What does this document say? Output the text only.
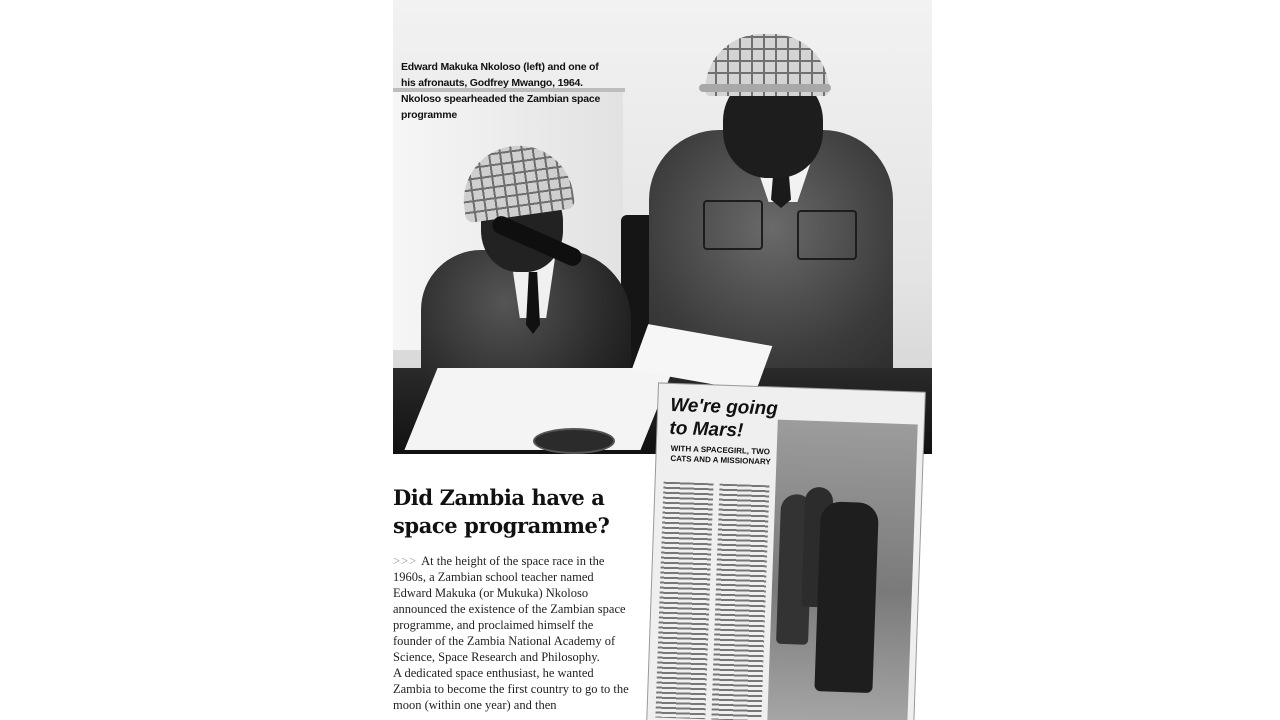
Edward Makuka Nkoloso (left) and one of his afronauts, Godfrey Mwango, 1964. Nkoloso spearheaded the Zambian space programme
Did Zambia have a space programme?

>>> At the height of the space race in the 1960s, a Zambian school teacher named Edward Makuka (or Mukuka) Nkoloso announced the existence of the Zambian space programme, and proclaimed himself the founder of the Zambia National Academy of Science, Space Research and Philosophy.

A dedicated space enthusiast, he wanted Zambia to become the first country to go to the moon (within one year) and then

We're going to Mars!
WITH A SPACEGIRL, TWO CATS AND A MISSIONARY
